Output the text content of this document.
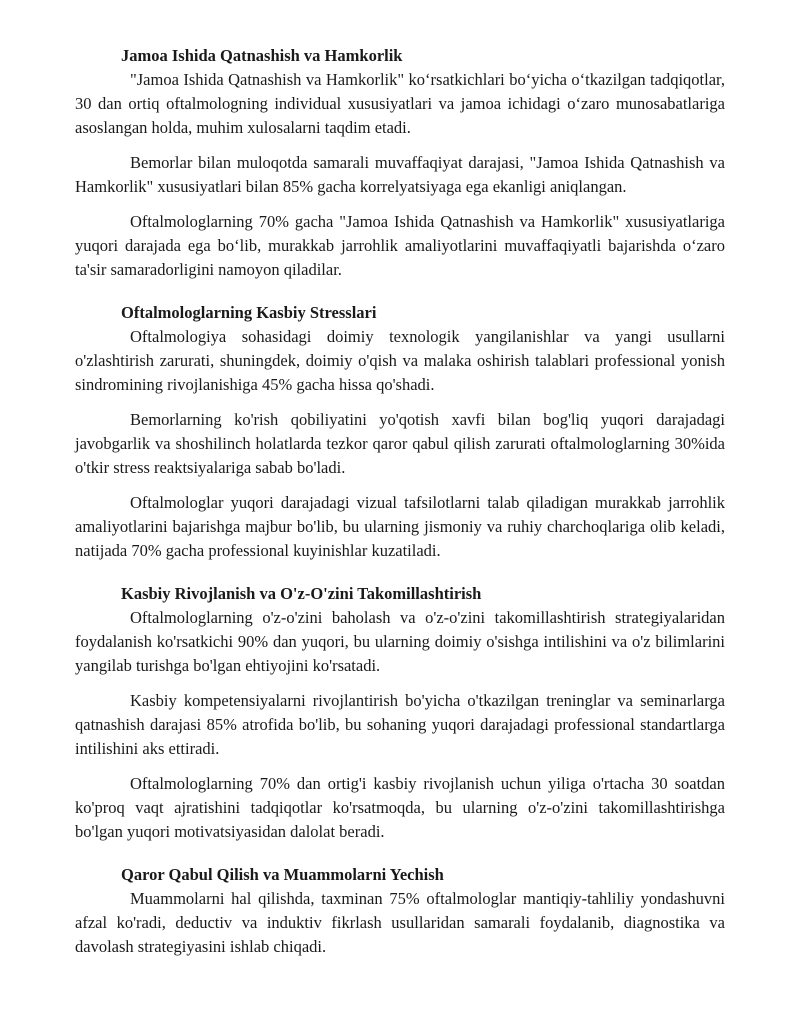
Jamoa Ishida Qatnashish va Hamkorlik

"Jamoa Ishida Qatnashish va Hamkorlik" koʻrsatkichlari boʻyicha oʻtkazilgan tadqiqotlar, 30 dan ortiq oftalmologning individual xususiyatlari va jamoa ichidagi oʻzaro munosabatlariga asoslangan holda, muhim xulosalarni taqdim etadi.

Bemorlar bilan muloqotda samarali muvaffaqiyat darajasi, "Jamoa Ishida Qatnashish va Hamkorlik" xususiyatlari bilan 85% gacha korrelyatsiyaga ega ekanligi aniqlangan.

Oftalmologlarning 70% gacha "Jamoa Ishida Qatnashish va Hamkorlik" xususiyatlariga yuqori darajada ega boʻlib, murakkab jarrohlik amaliyotlarini muvaffaqiyatli bajarishda oʻzaro ta'sir samaradorligini namoyon qiladilar.

Oftalmologlarning Kasbiy Stresslari

Oftalmologiya sohasidagi doimiy texnologik yangilanishlar va yangi usullarni o'zlashtirish zarurati, shuningdek, doimiy o'qish va malaka oshirish talablari professional yonish sindromining rivojlanishiga 45% gacha hissa qo'shadi.

Bemorlarning ko'rish qobiliyatini yo'qotish xavfi bilan bog'liq yuqori darajadagi javobgarlik va shoshilinch holatlarda tezkor qaror qabul qilish zarurati oftalmologlarning 30%ida o'tkir stress reaktsiyalariga sabab bo'ladi.

Oftalmologlar yuqori darajadagi vizual tafsilotlarni talab qiladigan murakkab jarrohlik amaliyotlarini bajarishga majbur bo'lib, bu ularning jismoniy va ruhiy charchoqlariga olib keladi, natijada 70% gacha professional kuyinishlar kuzatiladi.

Kasbiy Rivojlanish va O'z-O'zini Takomillashtirish

Oftalmologlarning o'z-o'zini baholash va o'z-o'zini takomillashtirish strategiyalaridan foydalanish ko'rsatkichi 90% dan yuqori, bu ularning doimiy o'sishga intilishini va o'z bilimlarini yangilab turishga bo'lgan ehtiyojini ko'rsatadi.

Kasbiy kompetensiyalarni rivojlantirish bo'yicha o'tkazilgan treninglar va seminarlarga qatnashish darajasi 85% atrofida bo'lib, bu sohaning yuqori darajadagi professional standartlarga intilishini aks ettiradi.

Oftalmologlarning 70% dan ortig'i kasbiy rivojlanish uchun yiliga o'rtacha 30 soatdan ko'proq vaqt ajratishini tadqiqotlar ko'rsatmoqda, bu ularning o'z-o'zini takomillashtirishga bo'lgan yuqori motivatsiyasidan dalolat beradi.

Qaror Qabul Qilish va Muammolarni Yechish

Muammolarni hal qilishda, taxminan 75% oftalmologlar mantiqiy-tahliliy yondashuvni afzal ko'radi, deductiv va induktiv fikrlash usullaridan samarali foydalanib, diagnostika va davolash strategiyasini ishlab chiqadi.
